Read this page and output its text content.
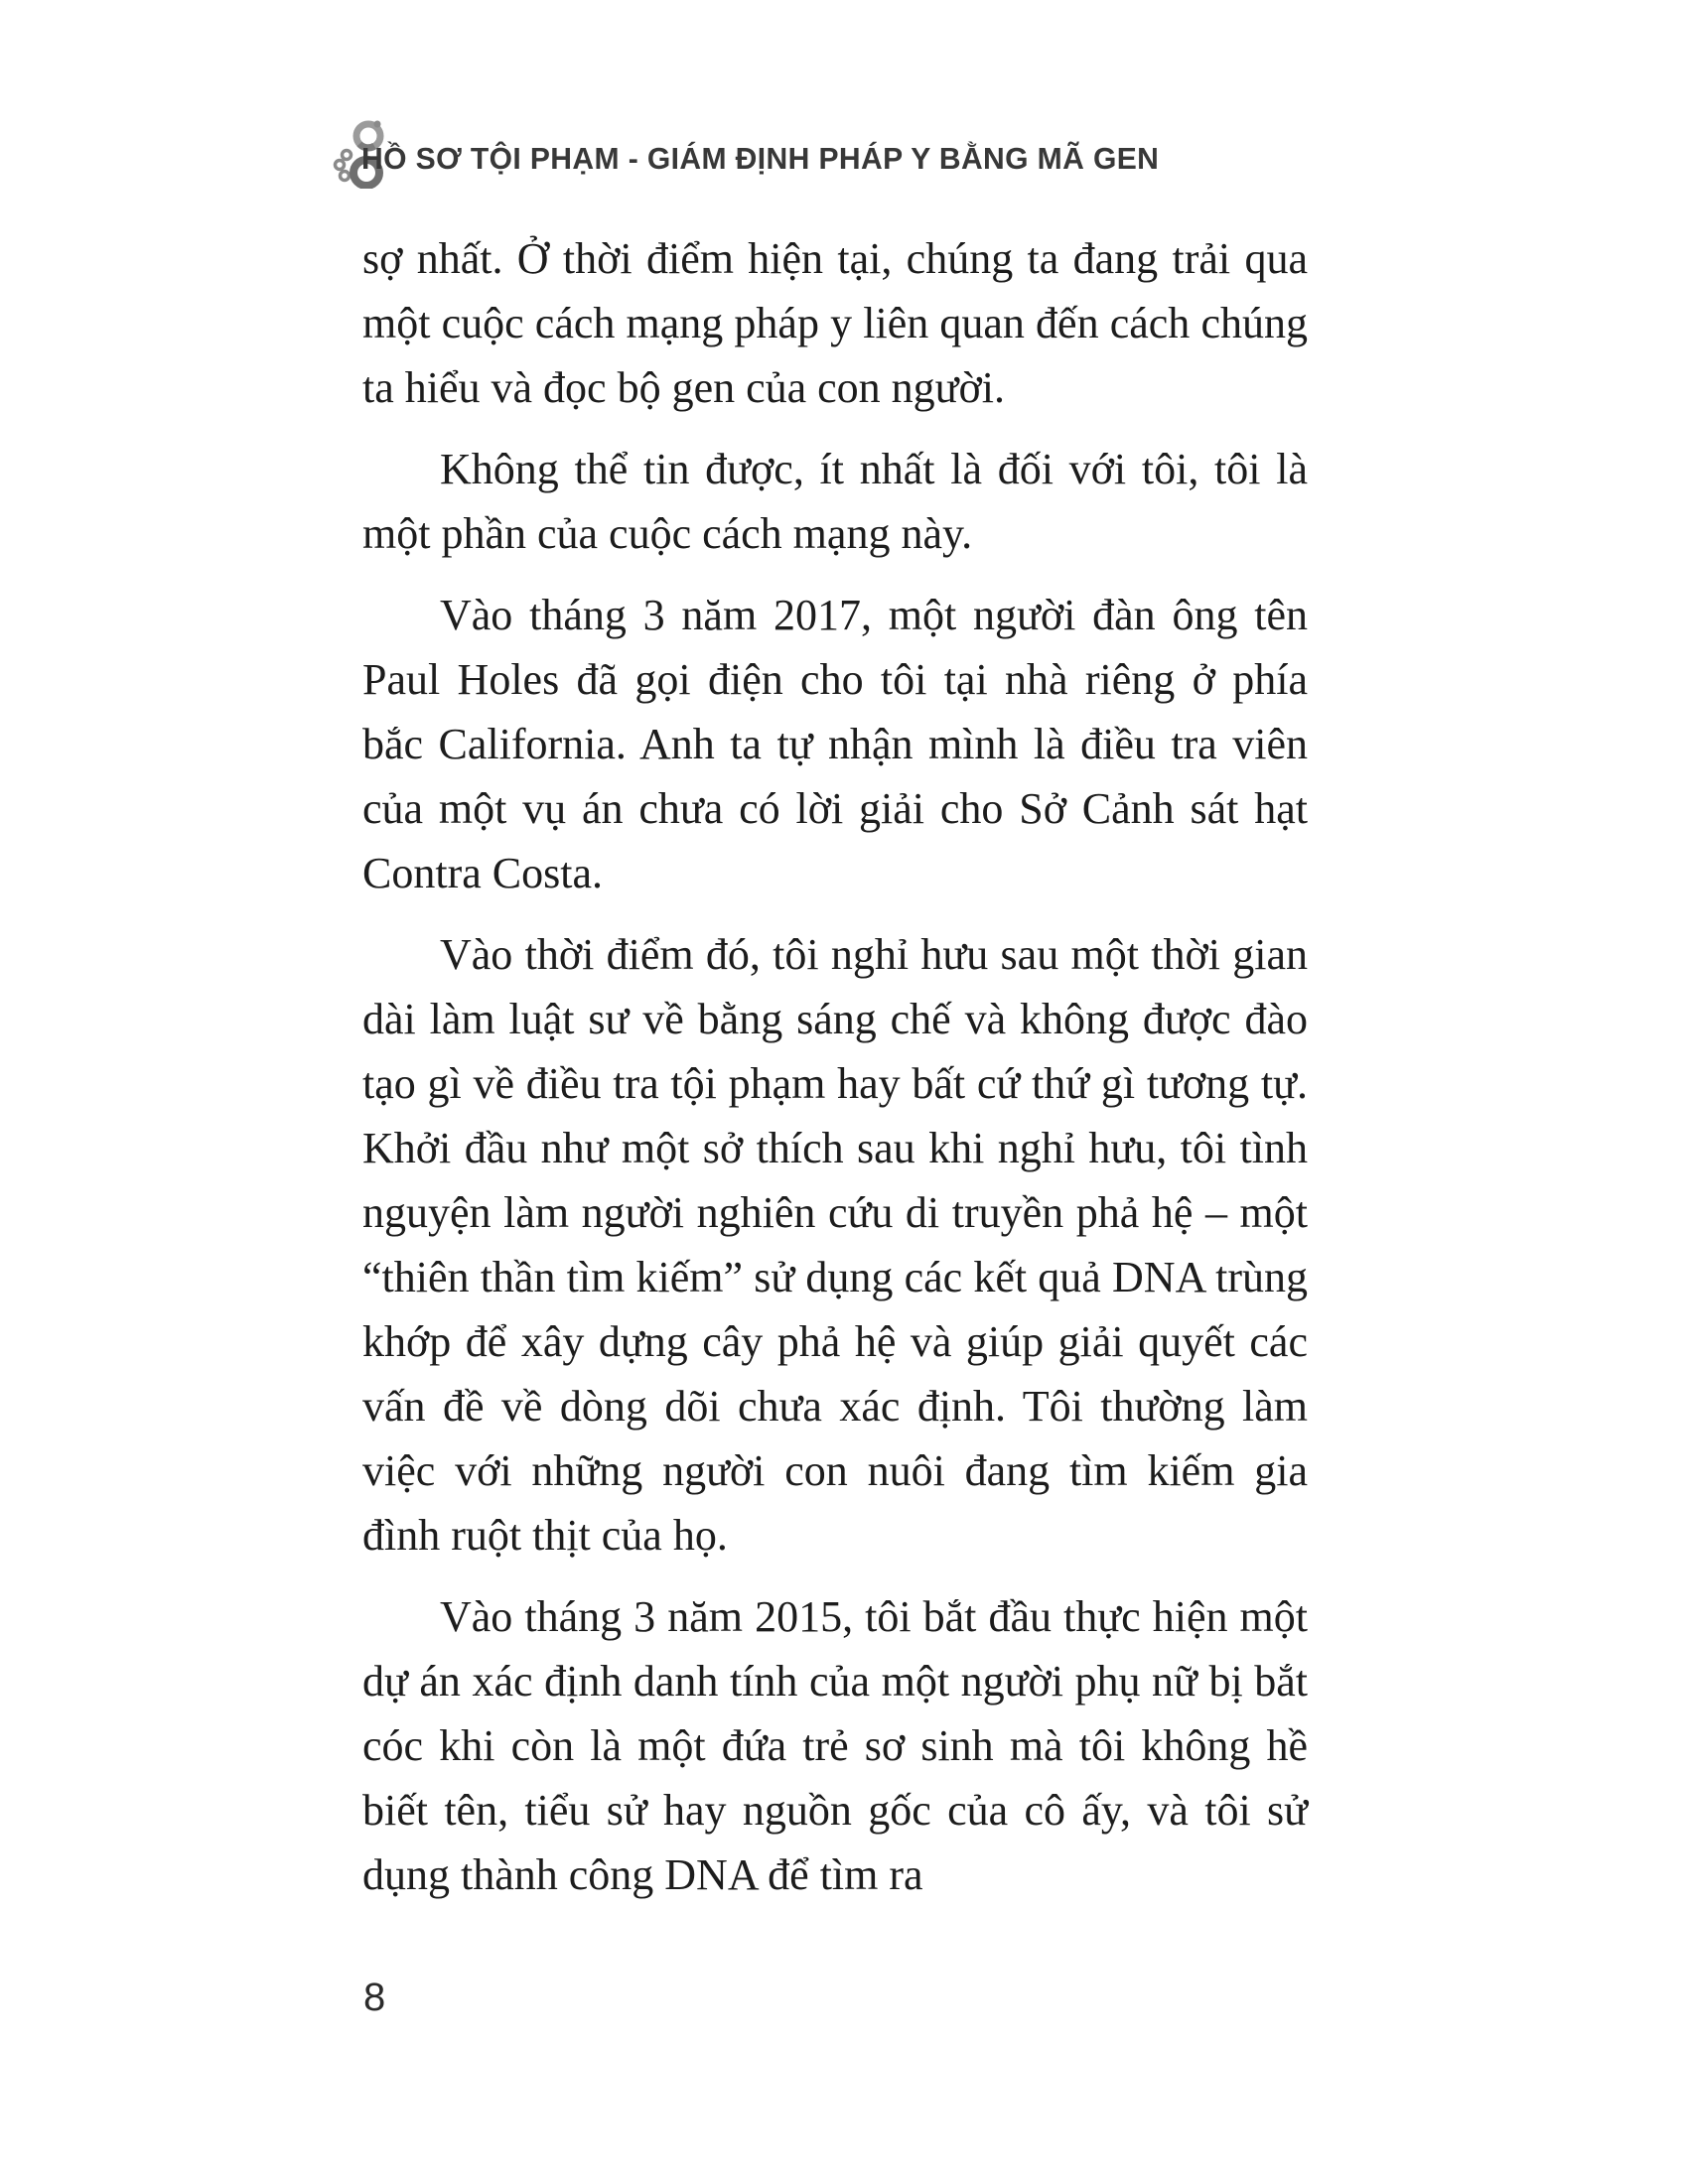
HỒ SƠ TỘI PHẠM - GIÁM ĐỊNH PHÁP Y BẰNG MÃ GEN

sợ nhất. Ở thời điểm hiện tại, chúng ta đang trải qua một cuộc cách mạng pháp y liên quan đến cách chúng ta hiểu và đọc bộ gen của con người.

Không thể tin được, ít nhất là đối với tôi, tôi là một phần của cuộc cách mạng này.

Vào tháng 3 năm 2017, một người đàn ông tên Paul Holes đã gọi điện cho tôi tại nhà riêng ở phía bắc California. Anh ta tự nhận mình là điều tra viên của một vụ án chưa có lời giải cho Sở Cảnh sát hạt Contra Costa.

Vào thời điểm đó, tôi nghỉ hưu sau một thời gian dài làm luật sư về bằng sáng chế và không được đào tạo gì về điều tra tội phạm hay bất cứ thứ gì tương tự. Khởi đầu như một sở thích sau khi nghỉ hưu, tôi tình nguyện làm người nghiên cứu di truyền phả hệ – một “thiên thần tìm kiếm” sử dụng các kết quả DNA trùng khớp để xây dựng cây phả hệ và giúp giải quyết các vấn đề về dòng dõi chưa xác định. Tôi thường làm việc với những người con nuôi đang tìm kiếm gia đình ruột thịt của họ.

Vào tháng 3 năm 2015, tôi bắt đầu thực hiện một dự án xác định danh tính của một người phụ nữ bị bắt cóc khi còn là một đứa trẻ sơ sinh mà tôi không hề biết tên, tiểu sử hay nguồn gốc của cô ấy, và tôi sử dụng thành công DNA để tìm ra

8
